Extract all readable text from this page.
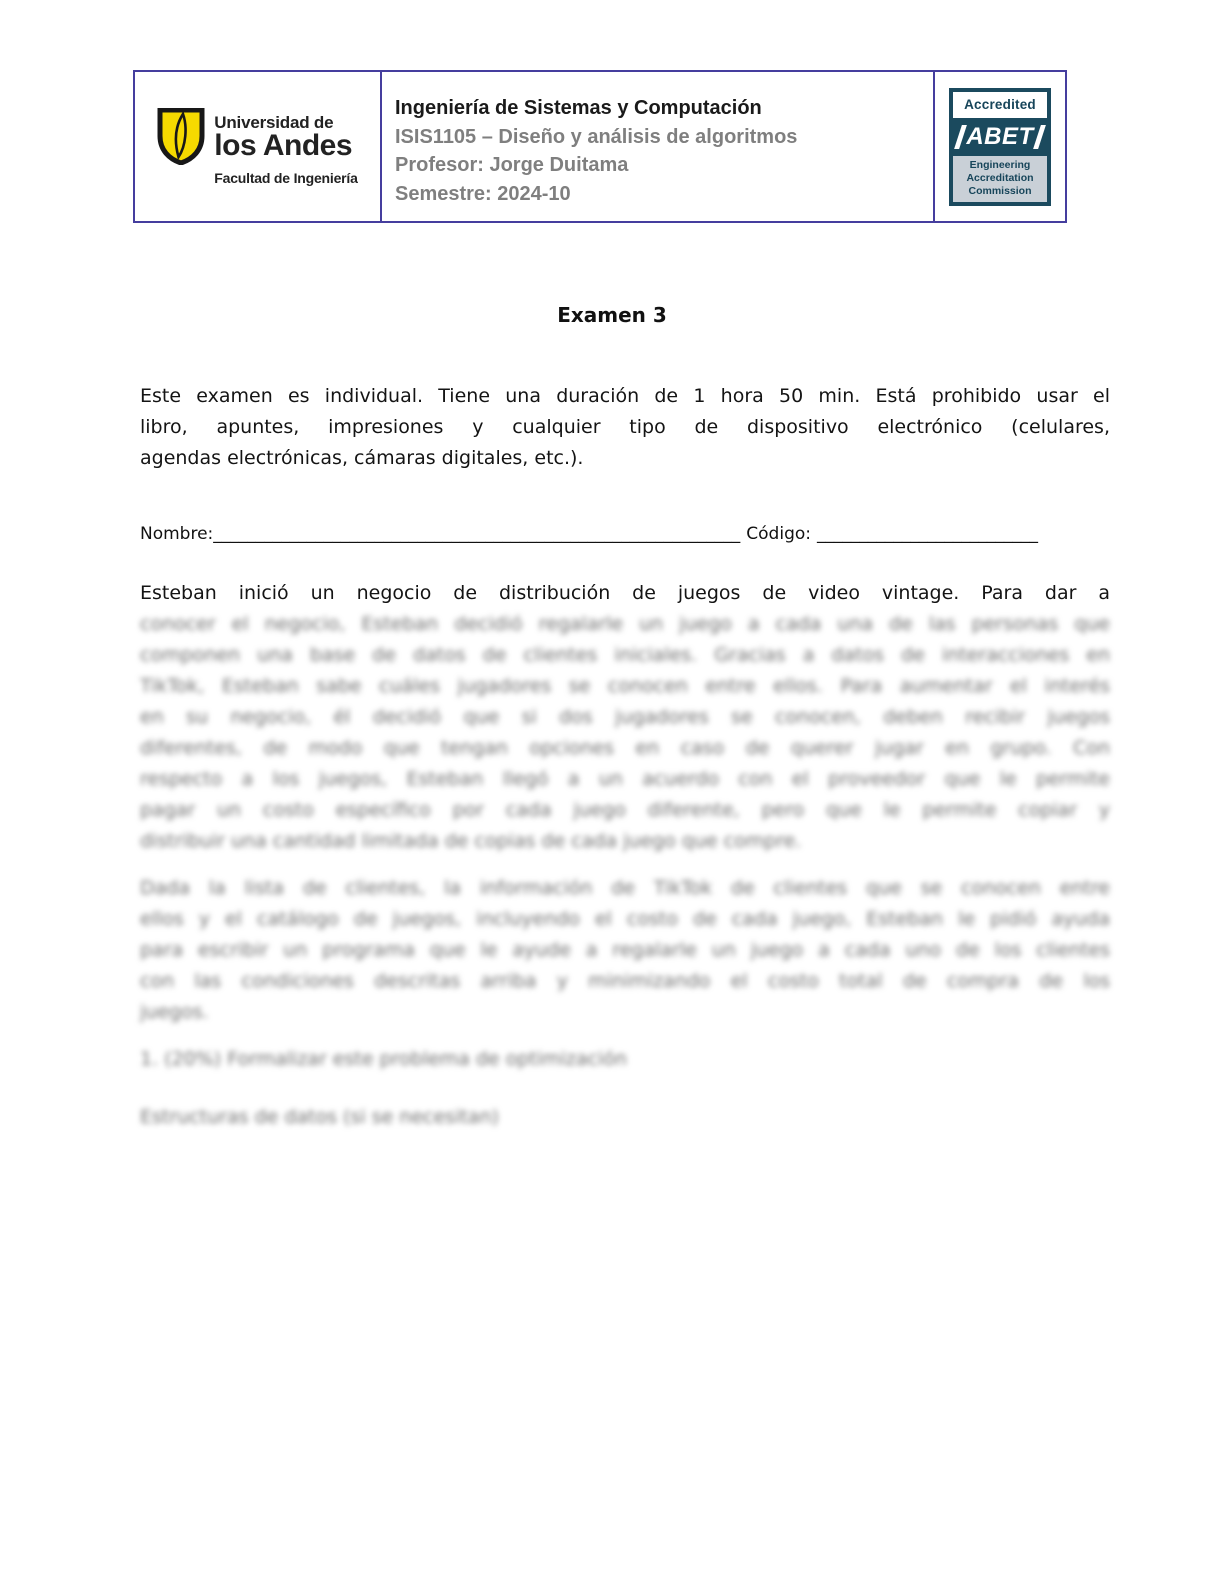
Universidad de
los Andes
Facultad de Ingeniería
Ingeniería de Sistemas y Computación
ISIS1105 – Diseño y análisis de algoritmos
Profesor: Jorge Duitama
Semestre: 2024-10
Accredited
ABET
Engineering
Accreditation
Commission
Examen 3
Este examen es individual. Tiene una duración de 1 hora 50 min. Está prohibido usar el
libro, apuntes, impresiones y cualquier tipo de dispositivo electrónico (celulares,
agendas electrónicas, cámaras digitales, etc.).
Nombre:______________________________________________________________ Código: __________________________
Esteban inició un negocio de distribución de juegos de video vintage. Para dar a
conocer el negocio, Esteban decidió regalarle un juego a cada una de las personas que
componen una base de datos de clientes iniciales. Gracias a datos de interacciones en
TikTok, Esteban sabe cuáles jugadores se conocen entre ellos. Para aumentar el interés
en su negocio, él decidió que si dos jugadores se conocen, deben recibir juegos
diferentes, de modo que tengan opciones en caso de querer jugar en grupo. Con
respecto a los juegos, Esteban llegó a un acuerdo con el proveedor que le permite
pagar un costo específico por cada juego diferente, pero que le permite copiar y
distribuir una cantidad limitada de copias de cada juego que compre.
Dada la lista de clientes, la información de TikTok de clientes que se conocen entre
ellos y el catálogo de juegos, incluyendo el costo de cada juego, Esteban le pidió ayuda
para escribir un programa que le ayude a regalarle un juego a cada uno de los clientes
con las condiciones descritas arriba y minimizando el costo total de compra de los
juegos.
1. (20%) Formalizar este problema de optimización
Estructuras de datos (si se necesitan)
